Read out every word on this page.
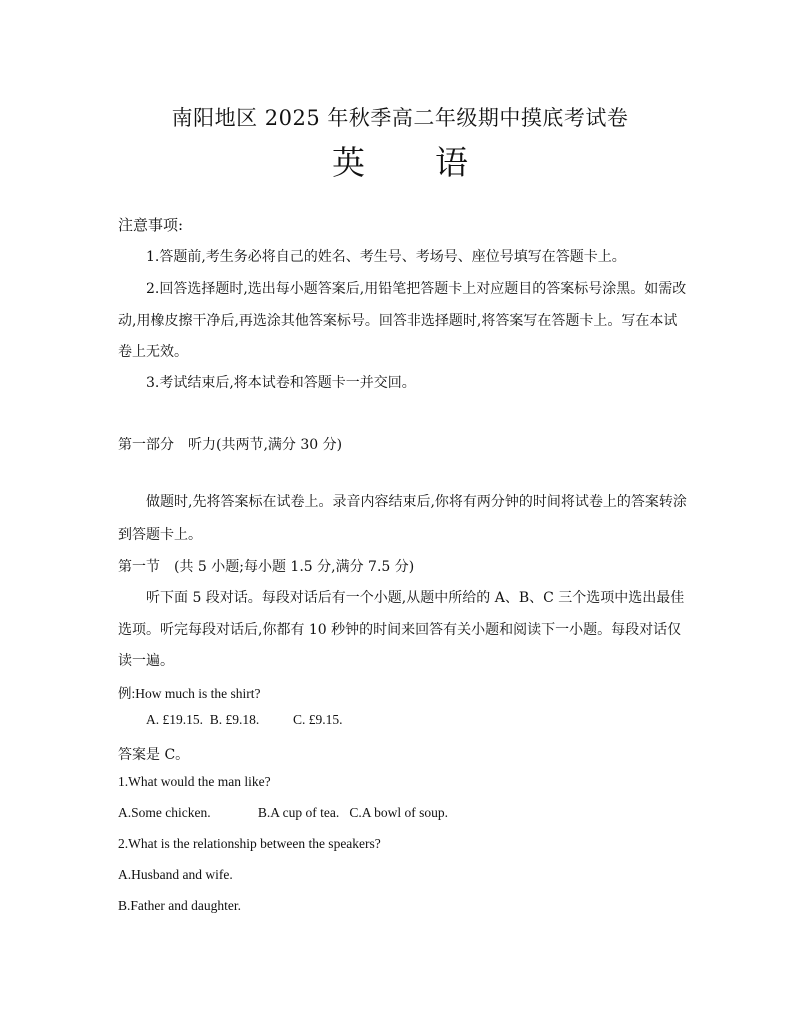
南阳地区 2025 年秋季高二年级期中摸底考试卷
英 语
注意事项:
1.答题前,考生务必将自己的姓名、考生号、考场号、座位号填写在答题卡上。
2.回答选择题时,选出每小题答案后,用铅笔把答题卡上对应题目的答案标号涂黑。如需改
动,用橡皮擦干净后,再选涂其他答案标号。回答非选择题时,将答案写在答题卡上。写在本试
卷上无效。
3.考试结束后,将本试卷和答题卡一并交回。
第一部分　听力(共两节,满分 30 分)
做题时,先将答案标在试卷上。录音内容结束后,你将有两分钟的时间将试卷上的答案转涂
到答题卡上。
第一节　(共 5 小题;每小题 1.5 分,满分 7.5 分)
听下面 5 段对话。每段对话后有一个小题,从题中所给的 A、B、C 三个选项中选出最佳
选项。听完每段对话后,你都有 10 秒钟的时间来回答有关小题和阅读下一小题。每段对话仅
读一遍。
例:How much is the shirt?
A. £19.15.  B. £9.18.          C. £9.15.
答案是 C。
1.What would the man like?
A.Some chicken.              B.A cup of tea.   C.A bowl of soup.
2.What is the relationship between the speakers?
A.Husband and wife.
B.Father and daughter.
